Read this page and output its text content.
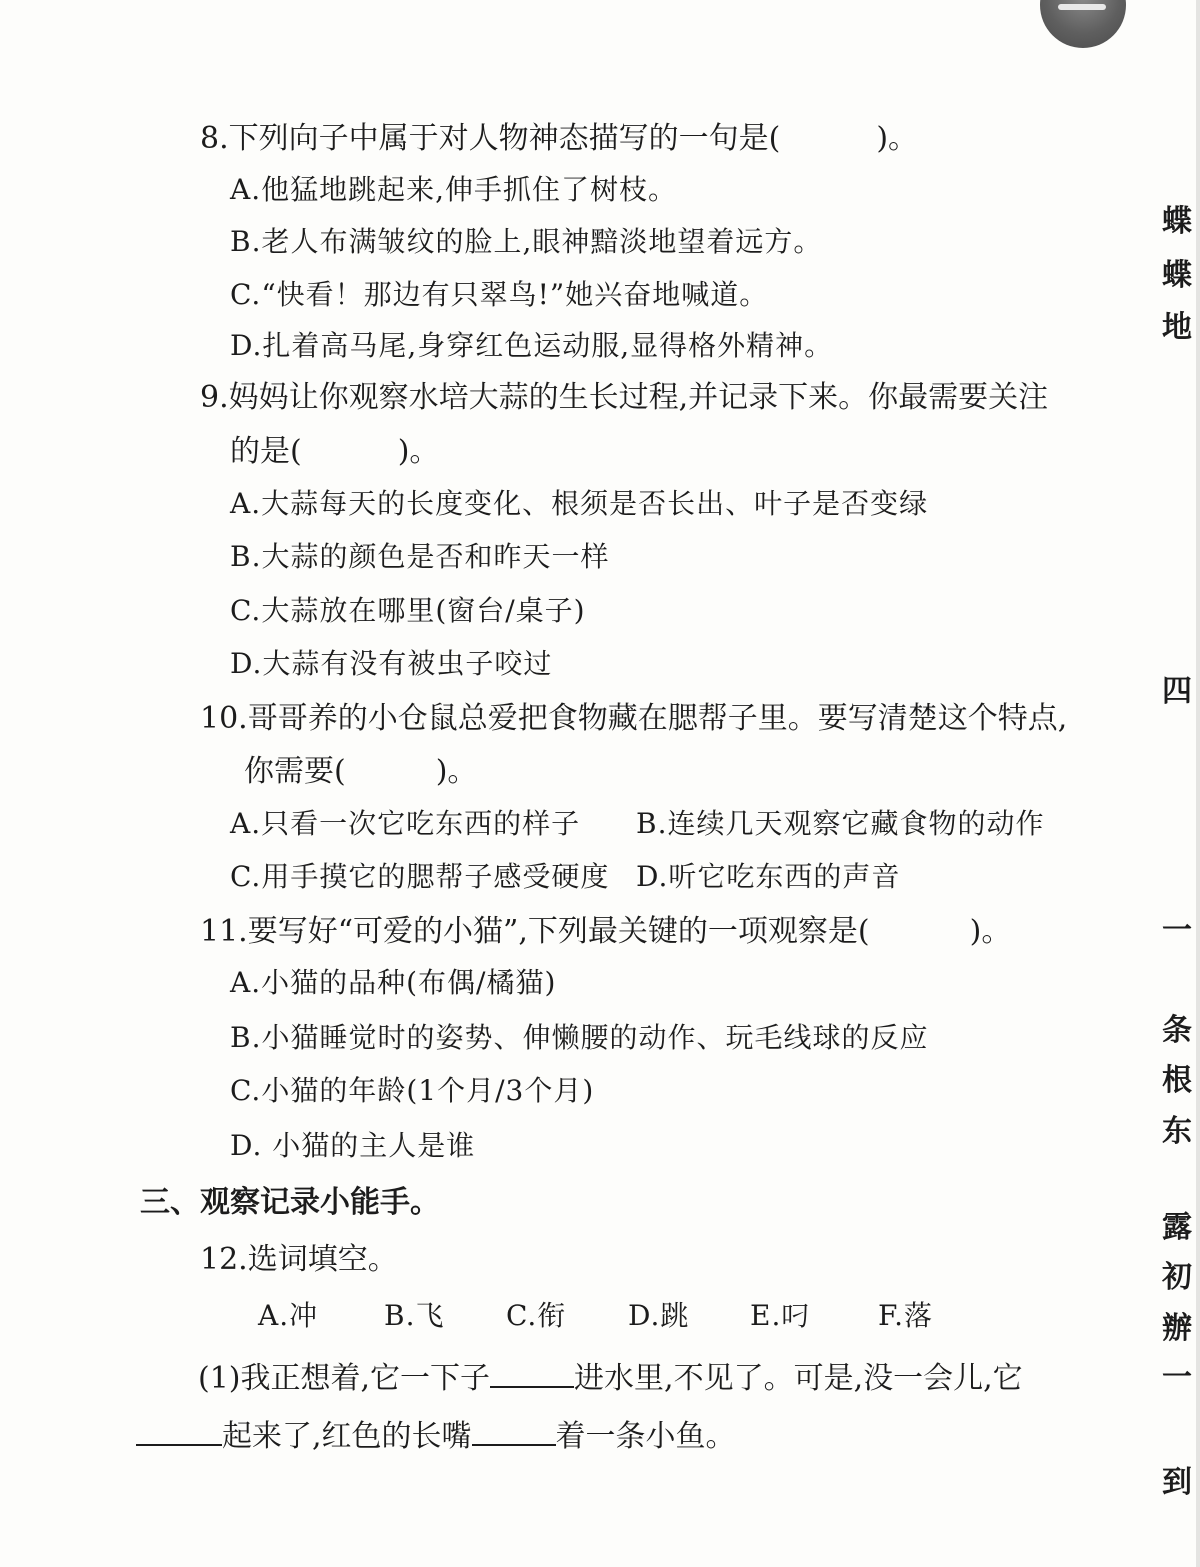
8.下列向子中属于对人物神态描写的一句是(	)。
A.他猛地跳起来,伸手抓住了树枝。
B.老人布满皱纹的脸上,眼神黯淡地望着远方。
C.“快看！那边有只翠鸟!”她兴奋地喊道。
D.扎着高马尾,身穿红色运动服,显得格外精神。
9.妈妈让你观察水培大蒜的生长过程,并记录下来。你最需要关注
的是(	)。
A.大蒜每天的长度变化、根须是否长出、叶子是否变绿
B.大蒜的颜色是否和昨天一样
C.大蒜放在哪里(窗台/桌子)
D.大蒜有没有被虫子咬过
10.哥哥养的小仓鼠总爱把食物藏在腮帮子里。要写清楚这个特点,
你需要(	)。
A.只看一次它吃东西的样子 B.连续几天观察它藏食物的动作
C.用手摸它的腮帮子感受硬度 D.听它吃东西的声音
11.要写好“可爱的小猫”,下列最关键的一项观察是(	)。
A.小猫的品种(布偶/橘猫)
B.小猫睡觉时的姿势、伸懒腰的动作、玩毛线球的反应
C.小猫的年龄(1个月/3个月)
D. 小猫的主人是谁
三、观察记录小能手。
12.选词填空。
A.冲 B.飞 C.衔 D.跳 E.叼 F.落
(1)我正想着,它一下子	进水里,不见了。可是,没一会儿,它
起来了,红色的长嘴	着一条小鱼。
蝶
蝶
地
四
一
条
根
东
露
初
辦
一
到
